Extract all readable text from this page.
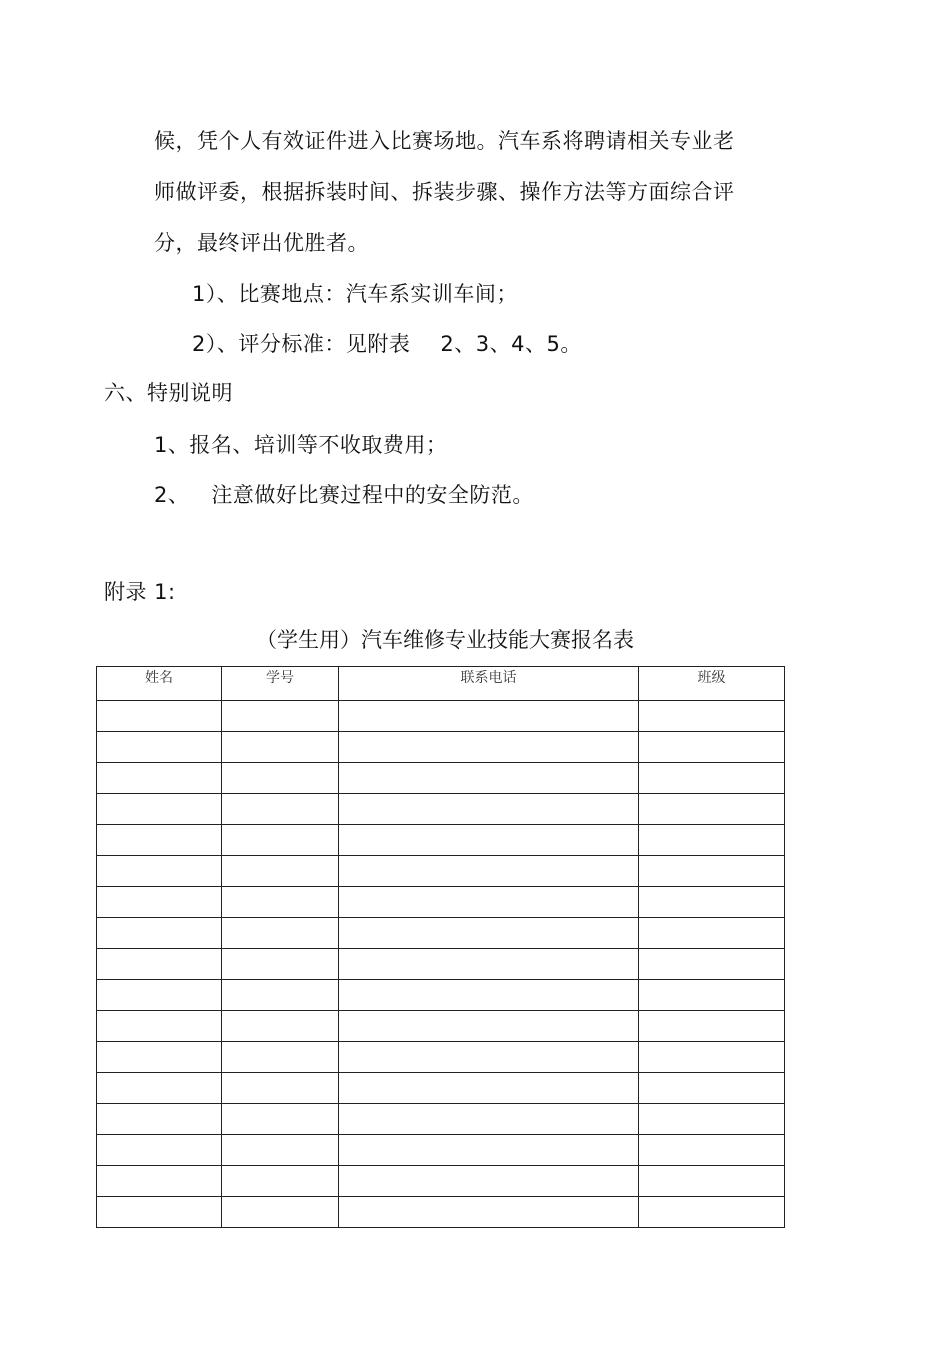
候，凭个人有效证件进入比赛场地。汽车系将聘请相关专业老
师做评委，根据拆装时间、拆装步骤、操作方法等方面综合评
分，最终评出优胜者。
1）、比赛地点：汽车系实训车间；
2）、评分标准：见附表 2、3、4、5。
六、特别说明
1、报名、培训等不收取费用；
2、 注意做好比赛过程中的安全防范。
附录 1:
（学生用）汽车维修专业技能大赛报名表
姓名	学号	联系电话	班级
